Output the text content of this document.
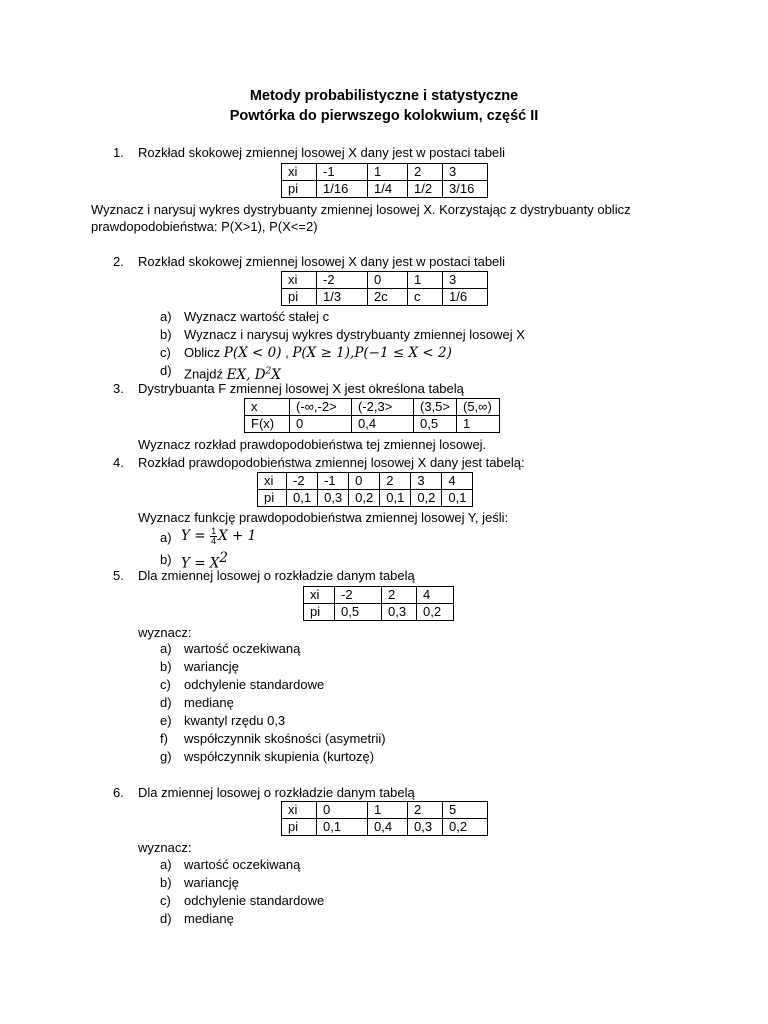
Metody probabilistyczne i statystyczne
Powtórka do pierwszego kolokwium, część II
1. Rozkład skokowej zmiennej losowej X dany jest w postaci tabeli
xi	-1	1	2	3
pi	1/16	1/4	1/2	3/16
Wyznacz i narysuj wykres dystrybuanty zmiennej losowej X. Korzystając z dystrybuanty oblicz
prawdopodobieństwa: P(X>1), P(X<=2)
2. Rozkład skokowej zmiennej losowej X dany jest w postaci tabeli
xi	-2	0	1	3
pi	1/3	2c	c	1/6
a) Wyznacz wartość stałej c
b) Wyznacz i narysuj wykres dystrybuanty zmiennej losowej X
c) Oblicz P(X < 0) , P(X ≥ 1),P(−1 ≤ X < 2)
d) Znajdź EX, $D^2X$
3. Dystrybuanta F zmiennej losowej X jest określona tabelą
x	(-∞,-2>	(-2,3>	(3,5>	(5,∞)
F(x)	0	0,4	0,5	1
Wyznacz rozkład prawdopodobieństwa tej zmiennej losowej.
4. Rozkład prawdopodobieństwa zmiennej losowej X dany jest tabelą:
xi	-2	-1	0	2	3	4
pi	0,1	0,3	0,2	0,1	0,2	0,1
Wyznacz funkcję prawdopodobieństwa zmiennej losowej Y, jeśli:
a) $Y = \frac{1}{4}$ X + 1
b) $Y = X^2$
5. Dla zmiennej losowej o rozkładzie danym tabelą
xi	-2	2	4
pi	0,5	0,3	0,2
wyznacz:
a) wartość oczekiwaną
b) wariancję
c) odchylenie standardowe
d) medianę
e) kwantyl rzędu 0,3
f) współczynnik skośności (asymetrii)
g) współczynnik skupienia (kurtozę)
6. Dla zmiennej losowej o rozkładzie danym tabelą
xi	0	1	2	5
pi	0,1	0,4	0,3	0,2
wyznacz:
a) wartość oczekiwaną
b) wariancję
c) odchylenie standardowe
d) medianę
